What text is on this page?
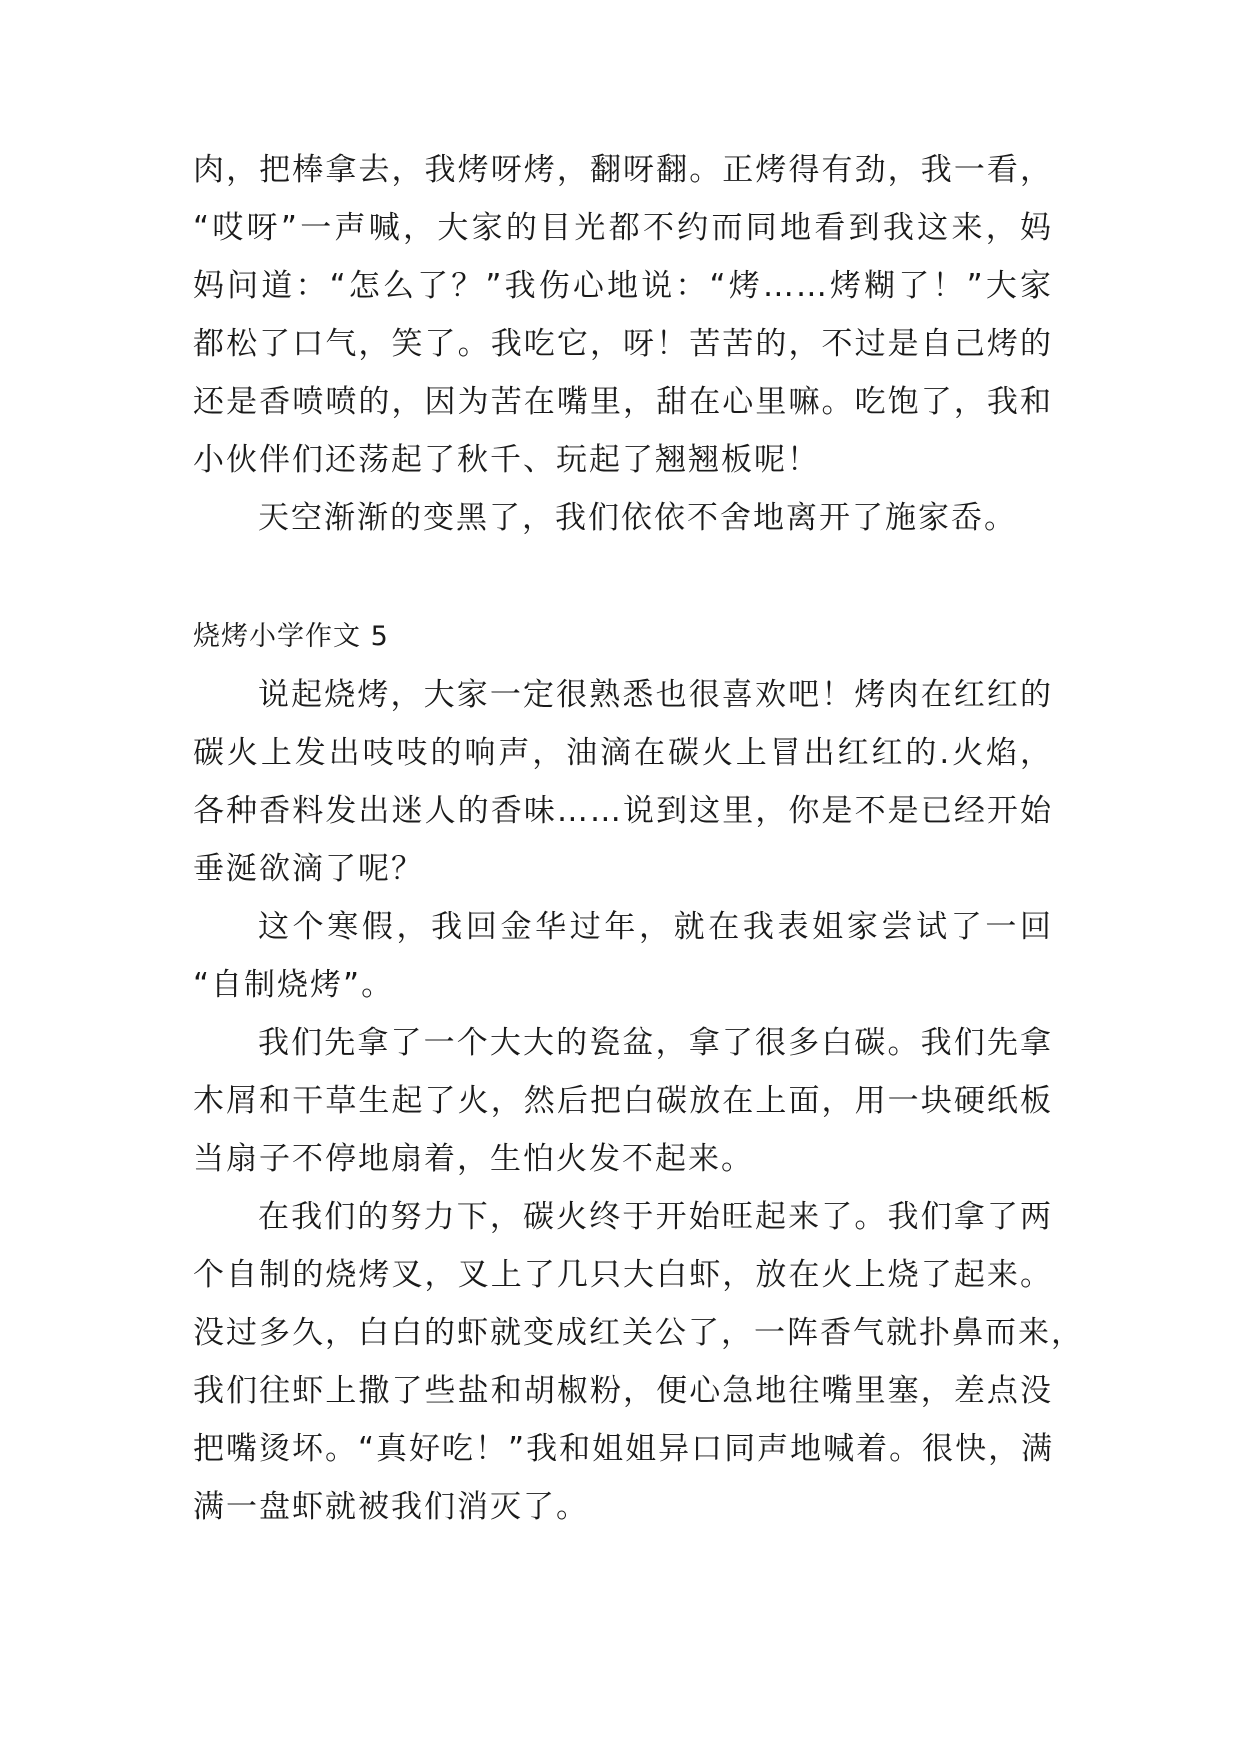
肉，把棒拿去，我烤呀烤，翻呀翻。正烤得有劲，我一看，
“哎呀”一声喊，大家的目光都不约而同地看到我这来，妈
妈问道：“怎么了？”我伤心地说：“烤……烤糊了！”大家
都松了口气，笑了。我吃它，呀！苦苦的，不过是自己烤的
还是香喷喷的，因为苦在嘴里，甜在心里嘛。吃饱了，我和
小伙伴们还荡起了秋千、玩起了翘翘板呢！
天空渐渐的变黑了，我们依依不舍地离开了施家岙。
烧烤小学作文 5
说起烧烤，大家一定很熟悉也很喜欢吧！烤肉在红红的
碳火上发出吱吱的响声，油滴在碳火上冒出红红的.火焰，
各种香料发出迷人的香味……说到这里，你是不是已经开始
垂涎欲滴了呢？
这个寒假，我回金华过年，就在我表姐家尝试了一回
“自制烧烤”。
我们先拿了一个大大的瓷盆，拿了很多白碳。我们先拿
木屑和干草生起了火，然后把白碳放在上面，用一块硬纸板
当扇子不停地扇着，生怕火发不起来。
在我们的努力下，碳火终于开始旺起来了。我们拿了两
个自制的烧烤叉，叉上了几只大白虾，放在火上烧了起来。
没过多久，白白的虾就变成红关公了，一阵香气就扑鼻而来，
我们往虾上撒了些盐和胡椒粉，便心急地往嘴里塞，差点没
把嘴烫坏。“真好吃！”我和姐姐异口同声地喊着。很快，满
满一盘虾就被我们消灭了。
